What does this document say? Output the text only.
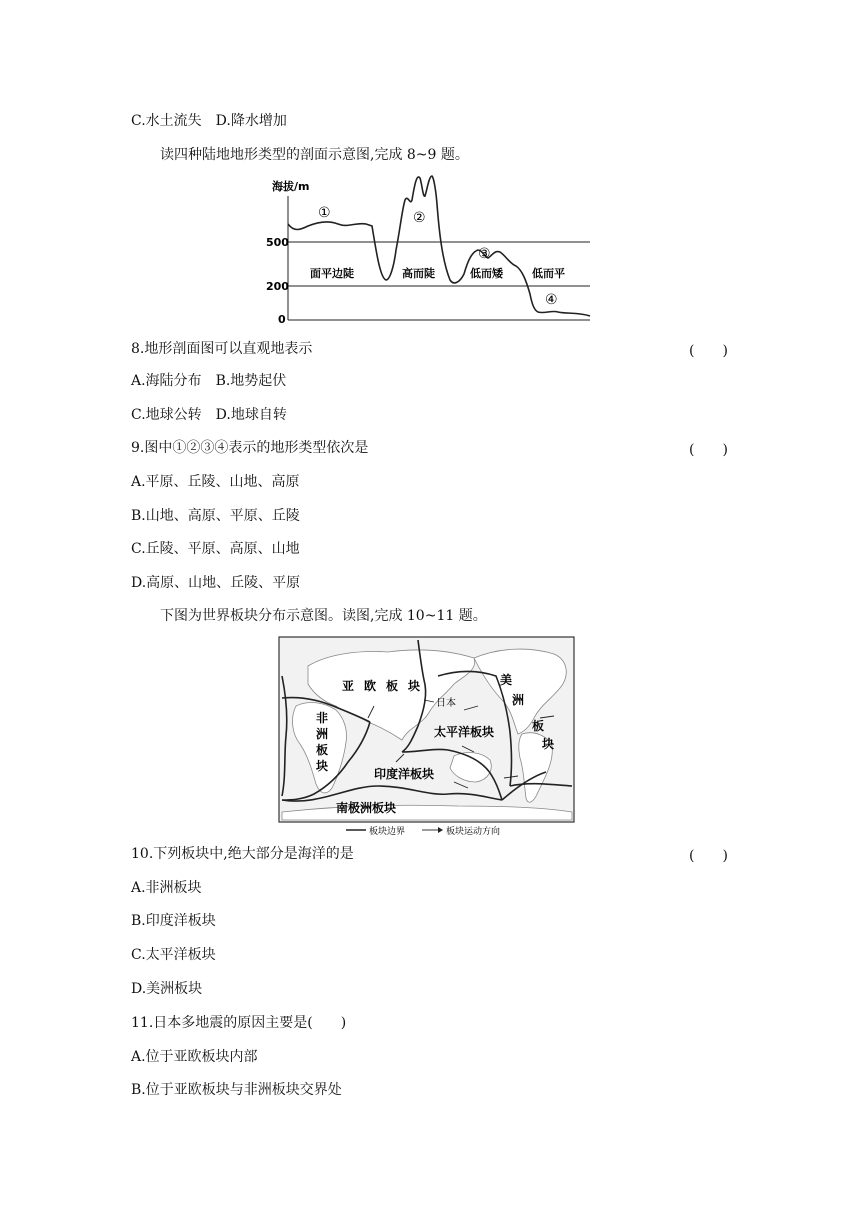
C.水土流失 D.降水增加
读四种陆地地形类型的剖面示意图,完成 8~9 题。
海拔/m
500
200
0
①	②
③
④
面平边陡	高而陡	低而矮	低而平
8.地形剖面图可以直观地表示	(　　)
A.海陆分布 B.地势起伏
C.地球公转 D.地球自转
9.图中①②③④表示的地形类型依次是	(　　)
A.平原、丘陵、山地、高原
B.山地、高原、平原、丘陵
C.丘陵、平原、高原、山地
D.高原、山地、丘陵、平原
下图为世界板块分布示意图。读图,完成 10~11 题。
亚 欧 板 块
非
洲
板
块
日本
太平洋板块
印度洋板块
南极洲板块
美
洲
板
块
板块边界	板块运动方向
10.下列板块中,绝大部分是海洋的是	(　　)
A.非洲板块
B.印度洋板块
C.太平洋板块
D.美洲板块
11.日本多地震的原因主要是(　　)
A.位于亚欧板块内部
B.位于亚欧板块与非洲板块交界处
